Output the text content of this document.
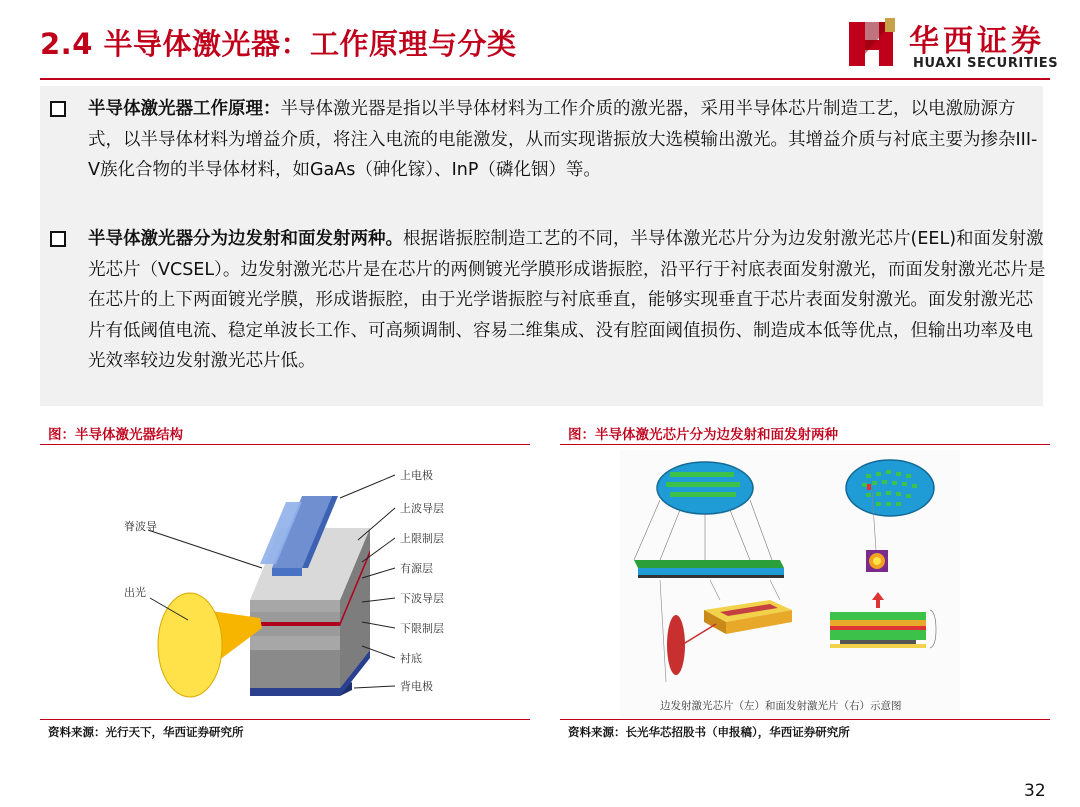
2.4 半导体激光器：工作原理与分类	华西证券
HUAXI SECURITIES
半导体激光器工作原理：半导体激光器是指以半导体材料为工作介质的激光器，采用半导体芯片制造工艺，以电激励源方式，以半导体材料为增益介质，将注入电流的电能激发，从而实现谐振放大选模输出激光。其增益介质与衬底主要为掺杂III-V族化合物的半导体材料，如GaAs（砷化镓）、InP（磷化铟）等。
半导体激光器分为边发射和面发射两种。根据谐振腔制造工艺的不同，半导体激光芯片分为边发射激光芯片(EEL)和面发射激光芯片（VCSEL）。边发射激光芯片是在芯片的两侧镀光学膜形成谐振腔，沿平行于衬底表面发射激光，而面发射激光芯片是在芯片的上下两面镀光学膜，形成谐振腔，由于光学谐振腔与衬底垂直，能够实现垂直于芯片表面发射激光。面发射激光芯片有低阈值电流、稳定单波长工作、可高频调制、容易二维集成、没有腔面阈值损伤、制造成本低等优点，但输出功率及电光效率较边发射激光芯片低。
图：半导体激光器结构	图：半导体激光芯片分为边发射和面发射两种
上电极
上波导层
上限制层
有源层
下波导层
下限制层
衬底
背电极
脊波导
出光
边发射激光芯片（左）和面发射激光片（右）示意图
资料来源：光行天下，华西证券研究所	资料来源：长光华芯招股书（申报稿），华西证券研究所
32
